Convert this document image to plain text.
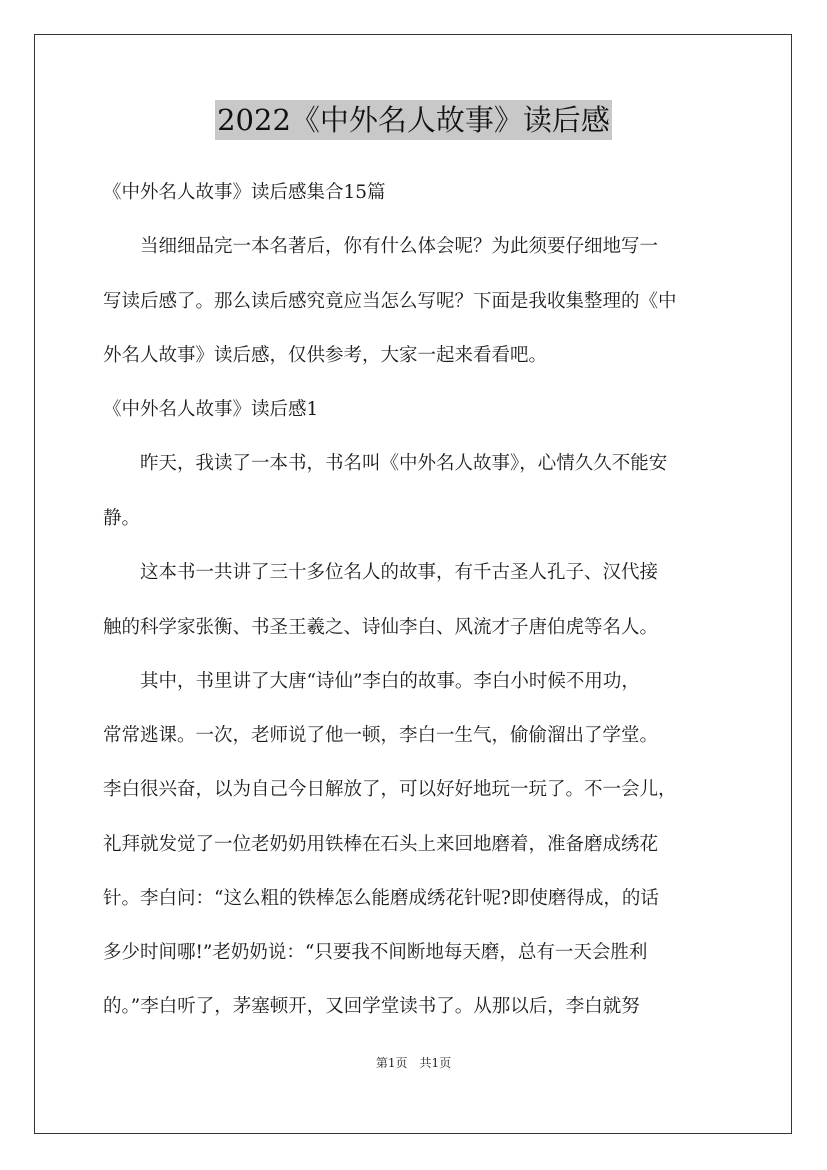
2022《中外名人故事》读后感
《中外名人故事》读后感集合15篇
　　当细细品完一本名著后，你有什么体会呢？为此须要仔细地写一
写读后感了。那么读后感究竟应当怎么写呢？下面是我收集整理的《中
外名人故事》读后感，仅供参考，大家一起来看看吧。
《中外名人故事》读后感1
　　昨天，我读了一本书，书名叫《中外名人故事》，心情久久不能安
静。
　　这本书一共讲了三十多位名人的故事，有千古圣人孔子、汉代接
触的科学家张衡、书圣王羲之、诗仙李白、风流才子唐伯虎等名人。
　　其中，书里讲了大唐“诗仙”李白的故事。李白小时候不用功，
常常逃课。一次，老师说了他一顿，李白一生气，偷偷溜出了学堂。
李白很兴奋，以为自己今日解放了，可以好好地玩一玩了。不一会儿，
礼拜就发觉了一位老奶奶用铁棒在石头上来回地磨着，准备磨成绣花
针。李白问：“这么粗的铁棒怎么能磨成绣花针呢?即使磨得成，的话
多少时间哪!”老奶奶说：“只要我不间断地每天磨，总有一天会胜利
的。”李白听了，茅塞顿开，又回学堂读书了。从那以后，李白就努
第1页 共1页
